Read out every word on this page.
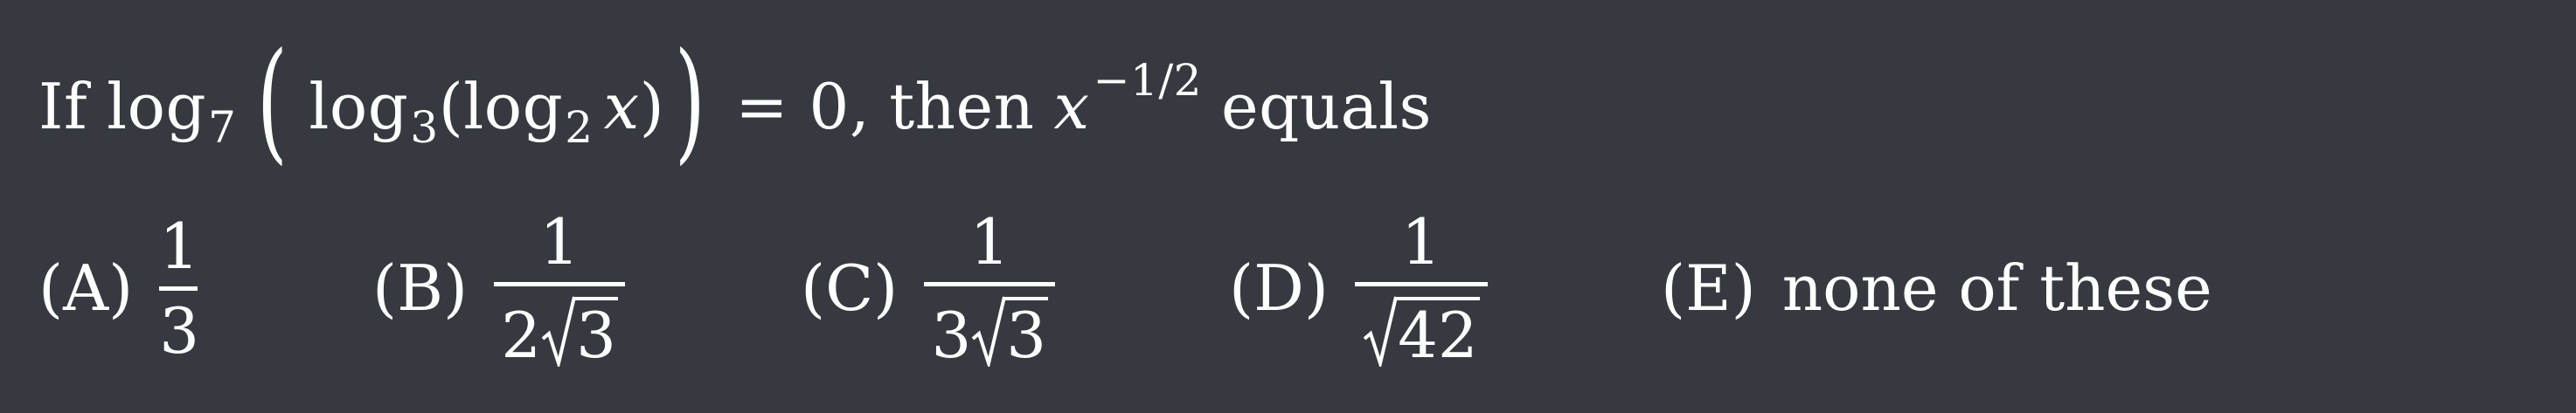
If log 7 ( log 3 ( log 2 x ) ) = 0, then x −1/2 equals
(A)
1
3
(B)
1
2 3
(C)
1
3 3
(D)
1
42
(E) none of these
